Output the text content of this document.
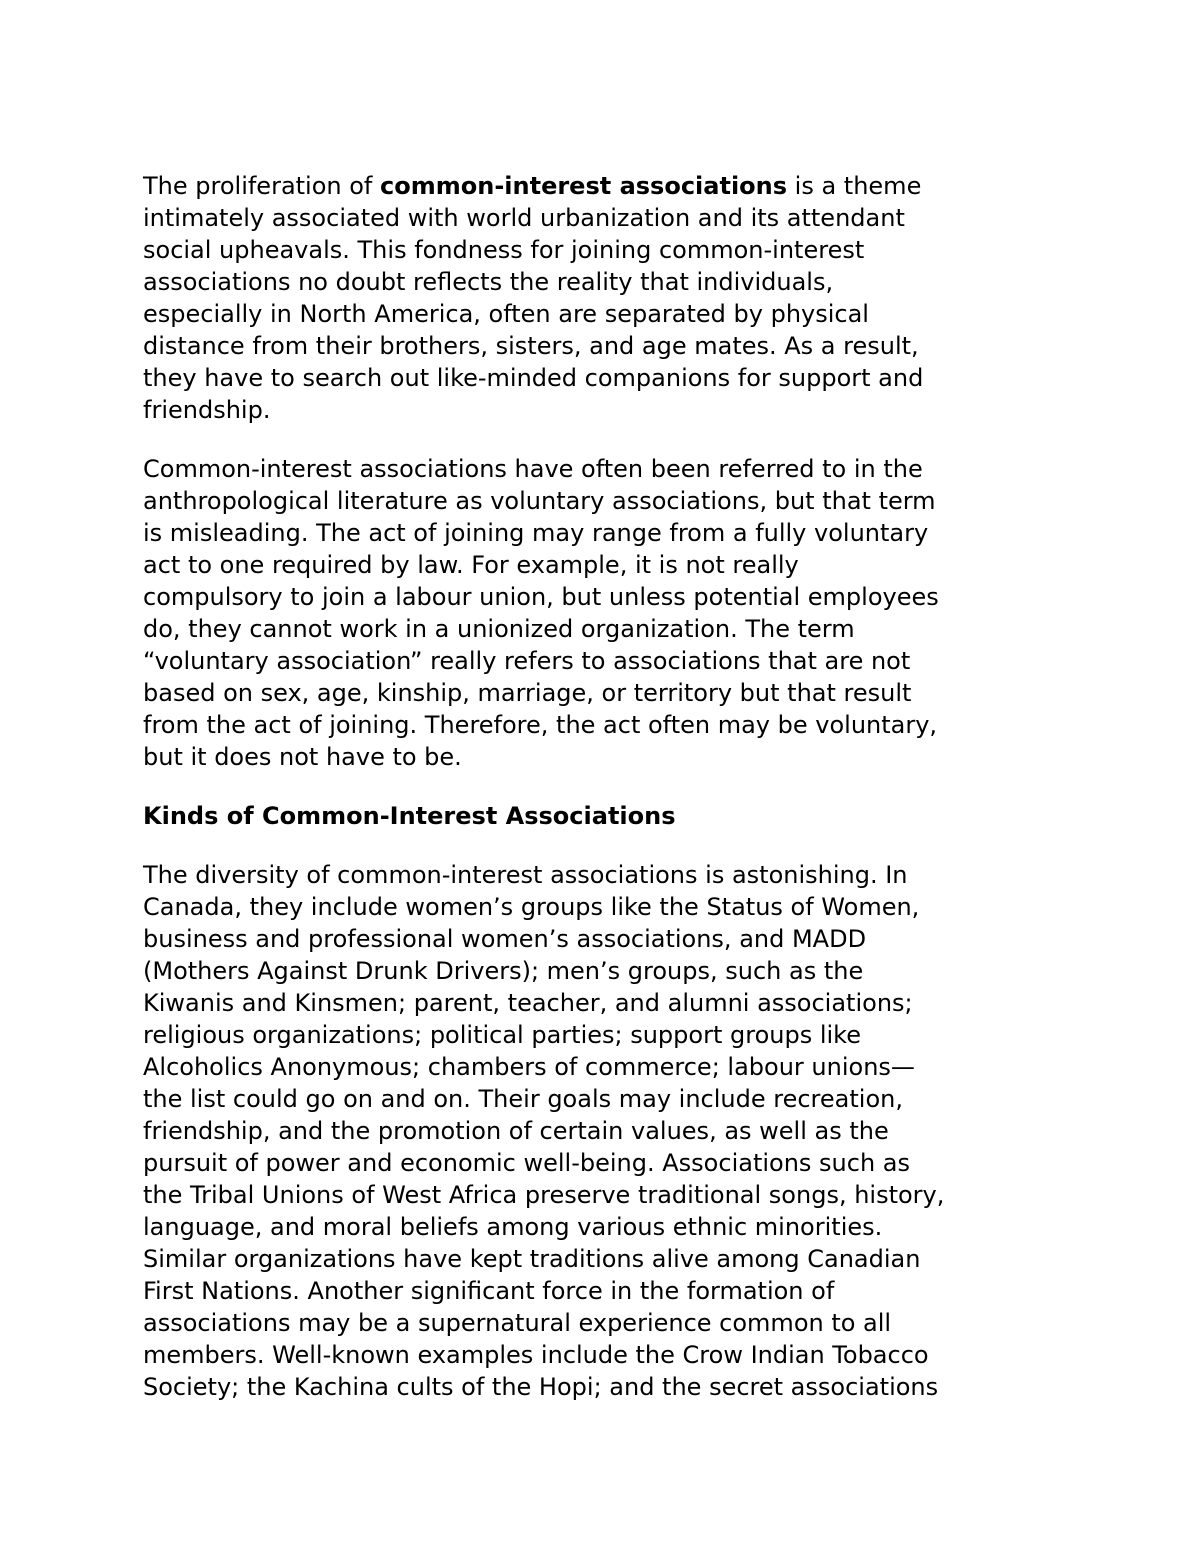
The proliferation of common-interest associations is a theme
intimately associated with world urbanization and its attendant
social upheavals. This fondness for joining common-interest
associations no doubt reflects the reality that individuals,
especially in North America, often are separated by physical
distance from their brothers, sisters, and age mates. As a result,
they have to search out like-minded companions for support and
friendship.

Common-interest associations have often been referred to in the
anthropological literature as voluntary associations, but that term
is misleading. The act of joining may range from a fully voluntary
act to one required by law. For example, it is not really
compulsory to join a labour union, but unless potential employees
do, they cannot work in a unionized organization. The term
“voluntary association” really refers to associations that are not
based on sex, age, kinship, marriage, or territory but that result
from the act of joining. Therefore, the act often may be voluntary,
but it does not have to be.

Kinds of Common-Interest Associations

The diversity of common-interest associations is astonishing. In
Canada, they include women’s groups like the Status of Women,
business and professional women’s associations, and MADD
(Mothers Against Drunk Drivers); men’s groups, such as the
Kiwanis and Kinsmen; parent, teacher, and alumni associations;
religious organizations; political parties; support groups like
Alcoholics Anonymous; chambers of commerce; labour unions—
the list could go on and on. Their goals may include recreation,
friendship, and the promotion of certain values, as well as the
pursuit of power and economic well-being. Associations such as
the Tribal Unions of West Africa preserve traditional songs, history,
language, and moral beliefs among various ethnic minorities.
Similar organizations have kept traditions alive among Canadian
First Nations. Another significant force in the formation of
associations may be a supernatural experience common to all
members. Well-known examples include the Crow Indian Tobacco
Society; the Kachina cults of the Hopi; and the secret associations
